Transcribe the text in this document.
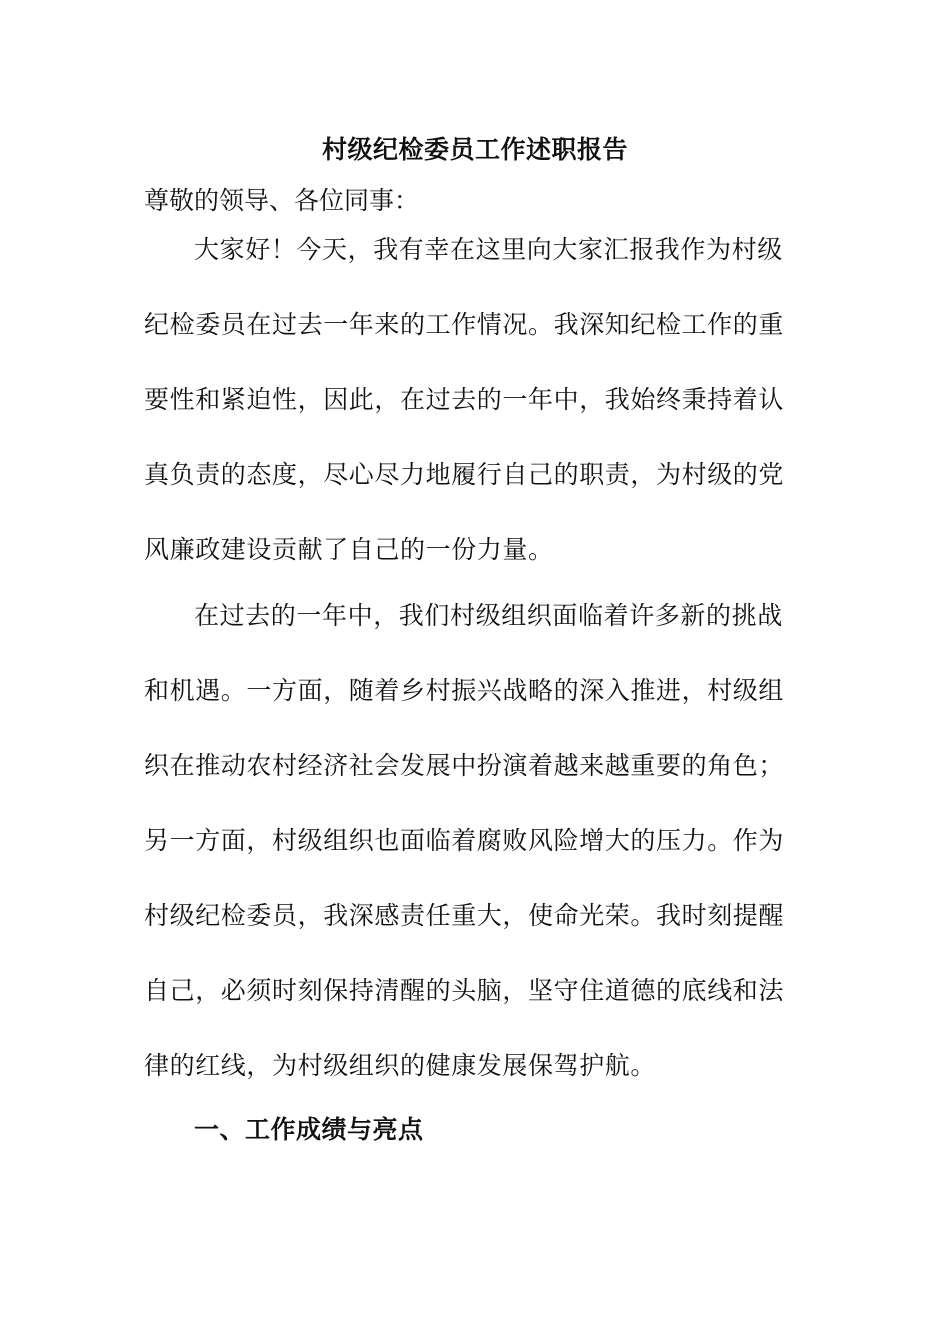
村级纪检委员工作述职报告
尊敬的领导、各位同事：

大家好！今天，我有幸在这里向大家汇报我作为村级纪检委员在过去一年来的工作情况。我深知纪检工作的重要性和紧迫性，因此，在过去的一年中，我始终秉持着认真负责的态度，尽心尽力地履行自己的职责，为村级的党风廉政建设贡献了自己的一份力量。

在过去的一年中，我们村级组织面临着许多新的挑战和机遇。一方面，随着乡村振兴战略的深入推进，村级组织在推动农村经济社会发展中扮演着越来越重要的角色；另一方面，村级组织也面临着腐败风险增大的压力。作为村级纪检委员，我深感责任重大，使命光荣。我时刻提醒自己，必须时刻保持清醒的头脑，坚守住道德的底线和法律的红线，为村级组织的健康发展保驾护航。

一、工作成绩与亮点
